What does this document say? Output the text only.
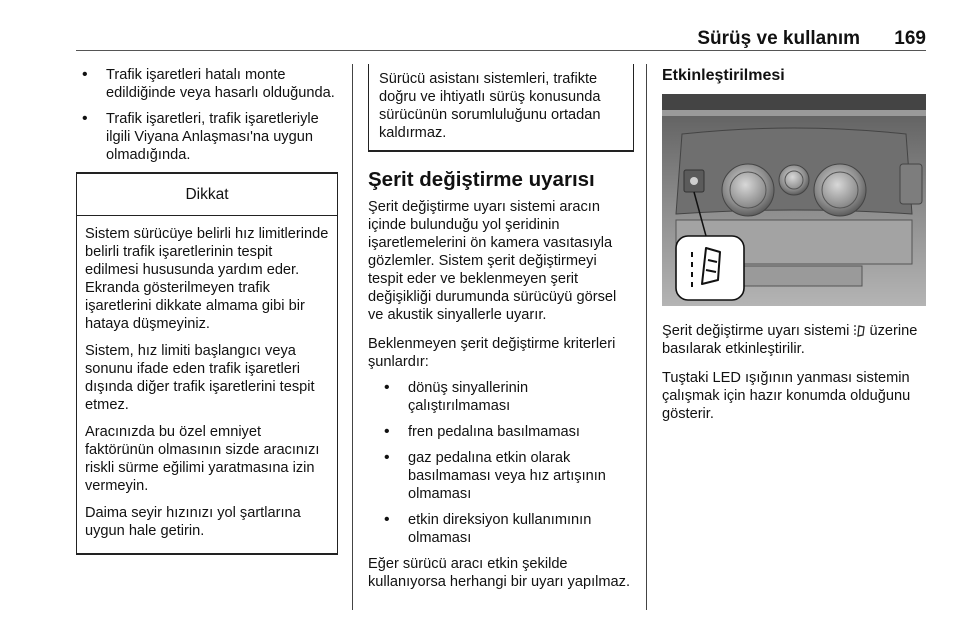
Sürüş ve kullanım 169
• Trafik işaretleri hatalı monte edildiğinde veya hasarlı olduğunda.
• Trafik işaretleri, trafik işaretleriyle ilgili Viyana Anlaşması'na uygun olmadığında.
Dikkat

Sistem sürücüye belirli hız limitlerinde belirli trafik işaretlerinin tespit edilmesi hususunda yardım eder. Ekranda gösterilmeyen trafik işaretlerini dikkate almama gibi bir hataya düşmeyiniz.

Sistem, hız limiti başlangıcı veya sonunu ifade eden trafik işaretleri dışında diğer trafik işaretlerini tespit etmez.

Aracınızda bu özel emniyet faktörünün olmasının sizde aracınızı riskli sürme eğilimi yaratmasına izin vermeyin.

Daima seyir hızınızı yol şartlarına uygun hale getirin.

Sürücü asistanı sistemleri, trafikte doğru ve ihtiyatlı sürüş konusunda sürücünün sorumluluğunu ortadan kaldırmaz.
Şerit değiştirme uyarısı

Şerit değiştirme uyarı sistemi aracın içinde bulunduğu yol şeridinin işaretlemelerini ön kamera vasıtasıyla gözlemler. Sistem şerit değiştirmeyi tespit eder ve beklenmeyen şerit değişikliği durumunda sürücüyü görsel ve akustik sinyallerle uyarır.

Beklenmeyen şerit değiştirme kriterleri şunlardır:

• dönüş sinyallerinin çalıştırılmaması
• fren pedalına basılmaması
• gaz pedalına etkin olarak basılmaması veya hız artışının olmaması
• etkin direksiyon kullanımının olmaması

Eğer sürücü aracı etkin şekilde kullanıyorsa herhangi bir uyarı yapılmaz.

Etkinleştirilmesi

Şerit değiştirme uyarı sistemi üzerine basılarak etkinleştirilir.

Tuştaki LED ışığının yanması sistemin çalışmak için hazır konumda olduğunu gösterir.
